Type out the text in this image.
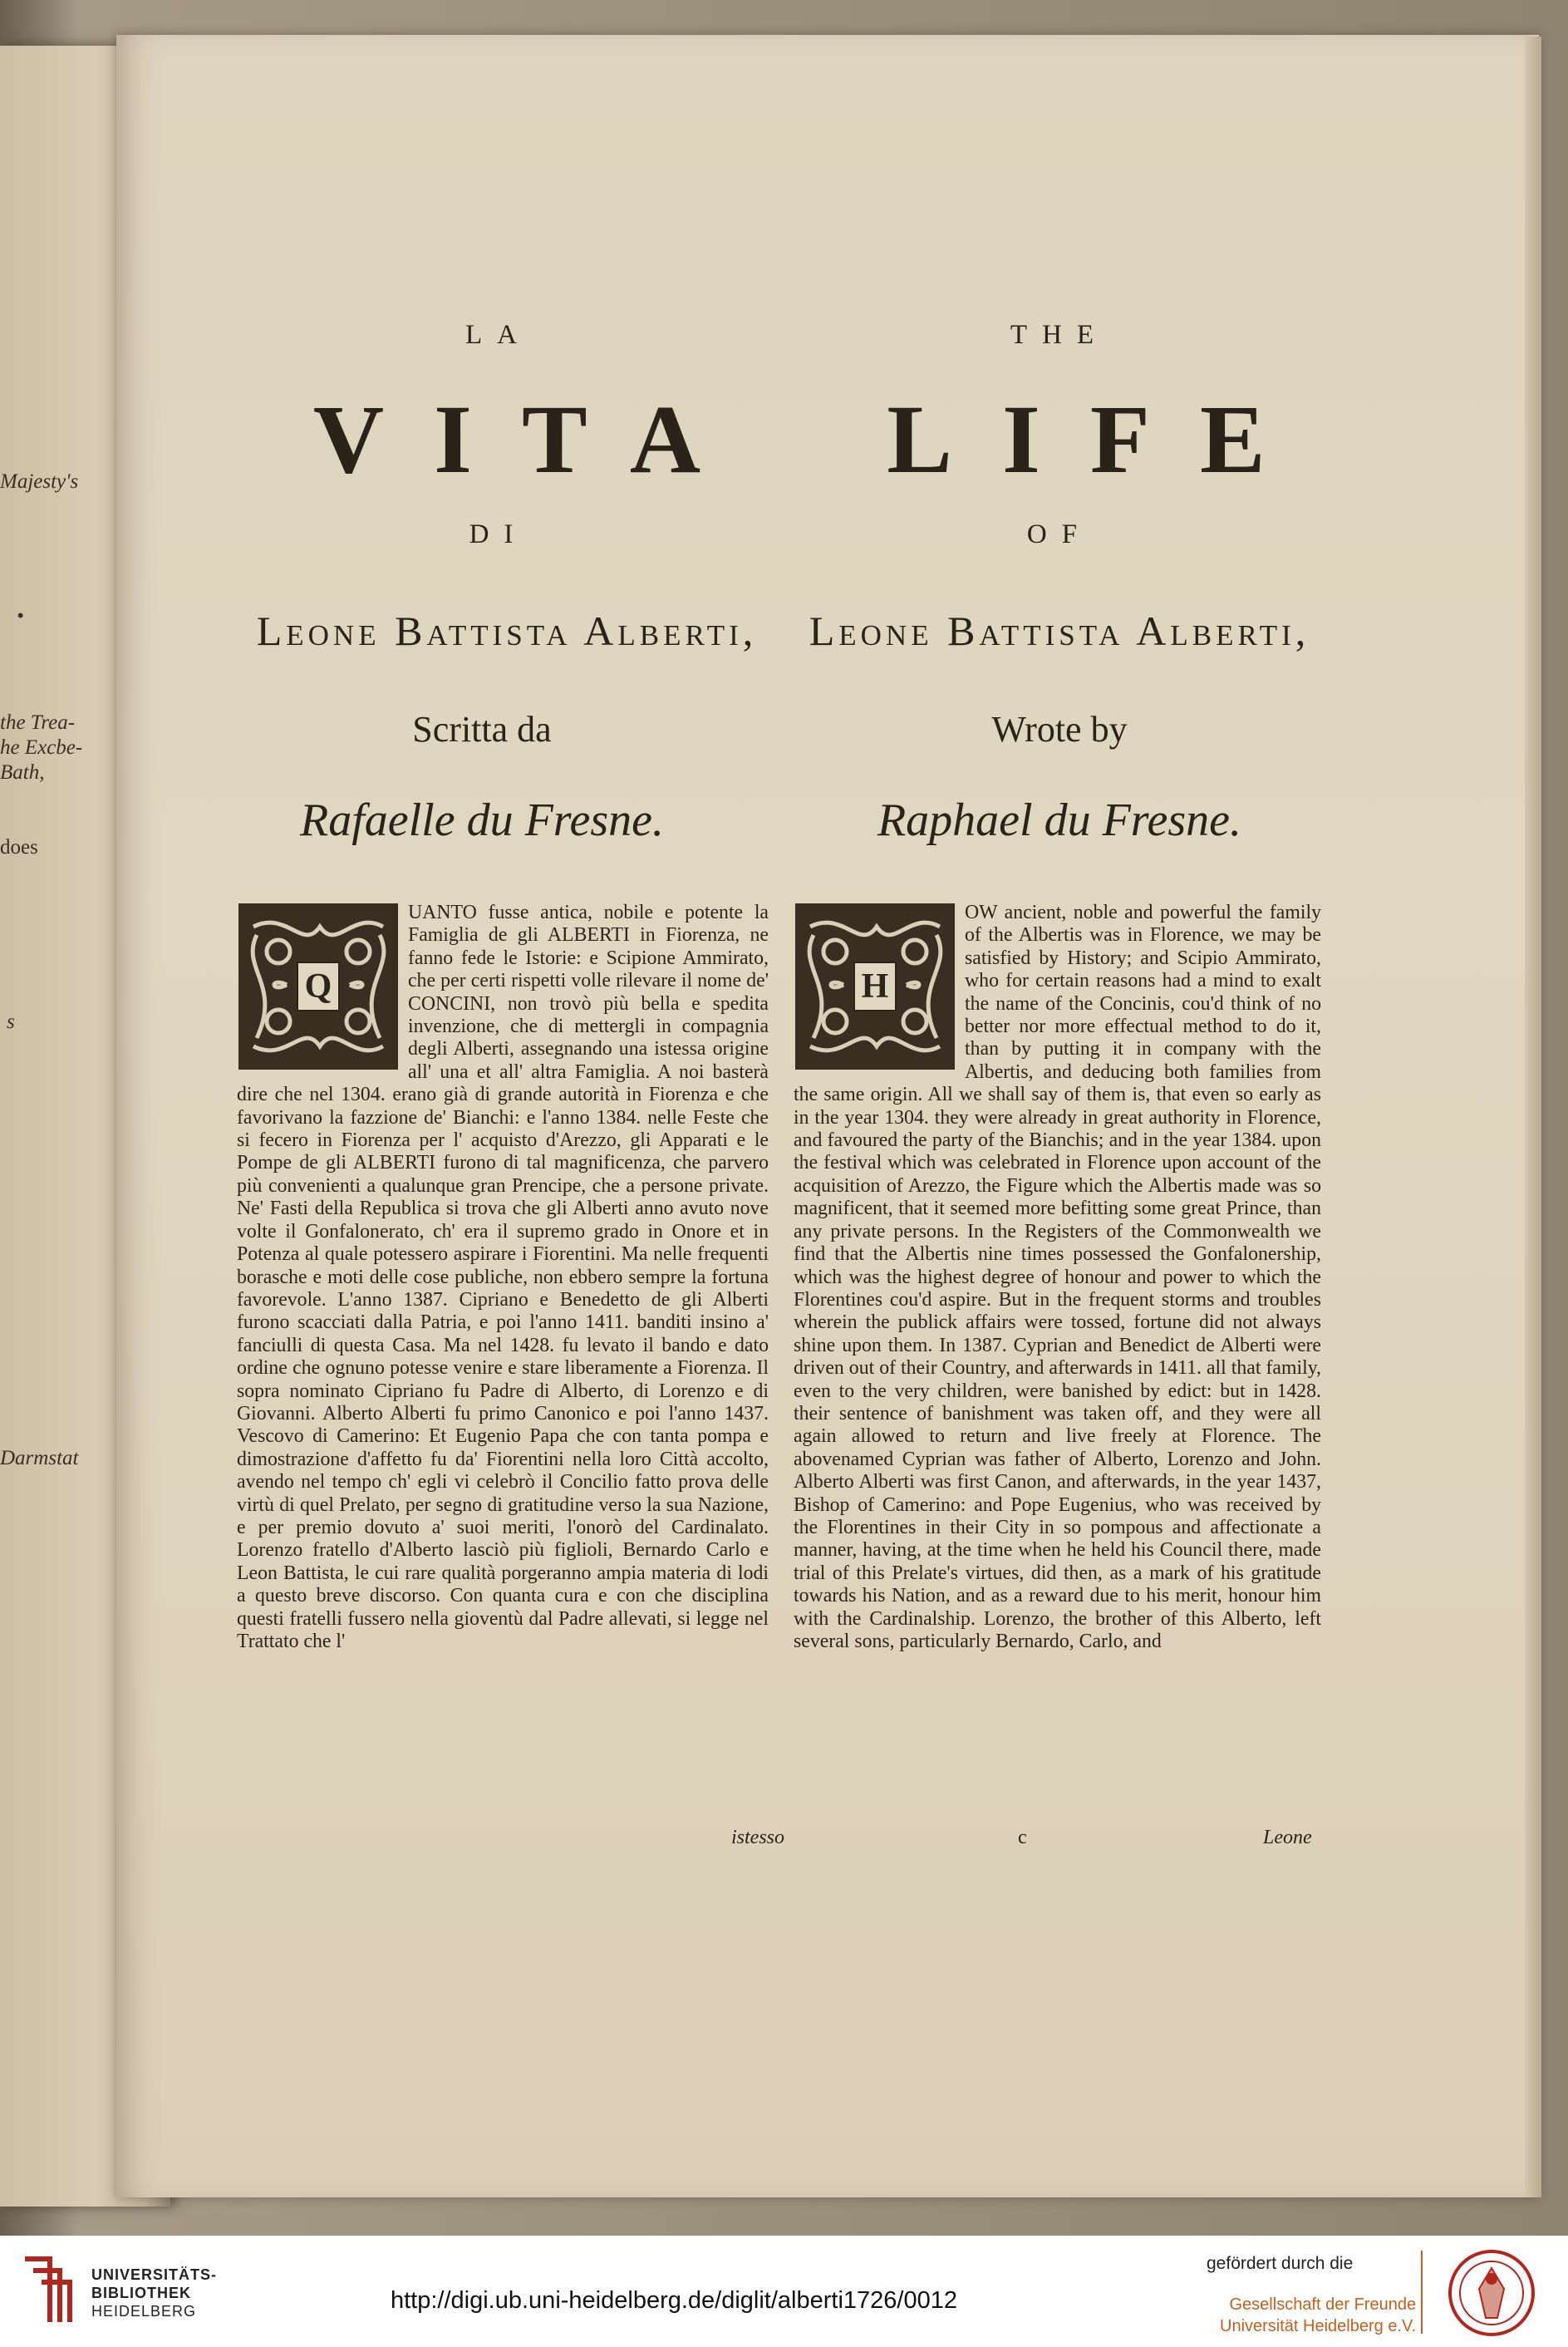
Majesty's
•
the Trea-
he Excbe-
Bath,
does
s
Darmstat
LA
VITA
DI
Leone Battista Alberti,
Scritta da
Rafaelle du Fresne.
THE
LIFE
OF
Leone Battista Alberti,
Wrote by
Raphael du Fresne.
Q
UANTO fusse antica, nobile e potente la Famiglia de gli ALBERTI in Fiorenza, ne fanno fede le Istorie: e Scipione Ammirato, che per certi rispetti volle rilevare il nome de' CONCINI, non trovò più bella e spedita invenzione, che di mettergli in compagnia degli Alberti, assegnando una istessa origine all' una et all' altra Famiglia. A noi basterà dire che nel 1304. erano già di grande autorità in Fiorenza e che favorivano la fazzione de' Bianchi: e l'anno 1384. nelle Feste che si fecero in Fiorenza per l' acquisto d'Arezzo, gli Apparati e le Pompe de gli ALBERTI furono di tal magnificenza, che parvero più convenienti a qualunque gran Prencipe, che a persone private. Ne' Fasti della Republica si trova che gli Alberti anno avuto nove volte il Gonfalonerato, ch' era il supremo grado in Onore et in Potenza al quale potessero aspirare i Fiorentini. Ma nelle frequenti borasche e moti delle cose publiche, non ebbero sempre la fortuna favorevole. L'anno 1387. Cipriano e Benedetto de gli Alberti furono scacciati dalla Patria, e poi l'anno 1411. banditi insino a' fanciulli di questa Casa. Ma nel 1428. fu levato il bando e dato ordine che ognuno potesse venire e stare liberamente a Fiorenza. Il sopra nominato Cipriano fu Padre di Alberto, di Lorenzo e di Giovanni. Alberto Alberti fu primo Canonico e poi l'anno 1437. Vescovo di Camerino: Et Eugenio Papa che con tanta pompa e dimostrazione d'affetto fu da' Fiorentini nella loro Città accolto, avendo nel tempo ch' egli vi celebrò il Concilio fatto prova delle virtù di quel Prelato, per segno di gratitudine verso la sua Nazione, e per premio dovuto a' suoi meriti, l'onorò del Cardinalato. Lorenzo fratello d'Alberto lasciò più figlioli, Bernardo Carlo e Leon Battista, le cui rare qualità porgeranno ampia materia di lodi a questo breve discorso. Con quanta cura e con che disciplina questi fratelli fussero nella gioventù dal Padre allevati, si legge nel Trattato che l'
istesso
H
OW ancient, noble and powerful the family of the Albertis was in Florence, we may be satisfied by History; and Scipio Ammirato, who for certain reasons had a mind to exalt the name of the Concinis, cou'd think of no better nor more effectual method to do it, than by putting it in company with the Albertis, and deducing both families from the same origin. All we shall say of them is, that even so early as in the year 1304. they were already in great authority in Florence, and favoured the party of the Bianchis; and in the year 1384. upon the festival which was celebrated in Florence upon account of the acquisition of Arezzo, the Figure which the Albertis made was so magnificent, that it seemed more befitting some great Prince, than any private persons. In the Registers of the Commonwealth we find that the Albertis nine times possessed the Gonfalonership, which was the highest degree of honour and power to which the Florentines cou'd aspire. But in the frequent storms and troubles wherein the publick affairs were tossed, fortune did not always shine upon them. In 1387. Cyprian and Benedict de Alberti were driven out of their Country, and afterwards in 1411. all that family, even to the very children, were banished by edict: but in 1428. their sentence of banishment was taken off, and they were all again allowed to return and live freely at Florence. The abovenamed Cyprian was father of Alberto, Lorenzo and John. Alberto Alberti was first Canon, and afterwards, in the year 1437, Bishop of Camerino: and Pope Eugenius, who was received by the Florentines in their City in so pompous and affectionate a manner, having, at the time when he held his Council there, made trial of this Prelate's virtues, did then, as a mark of his gratitude towards his Nation, and as a reward due to his merit, honour him with the Cardinalship. Lorenzo, the brother of this Alberto, left several sons, particularly Bernardo, Carlo, and
c	Leone
UNIVERSITÄTS-
BIBLIOTHEK
HEIDELBERG	http://digi.ub.uni-heidelberg.de/diglit/alberti1726/0012
gefördert durch die
Gesellschaft der Freunde
Universität Heidelberg e.V.
